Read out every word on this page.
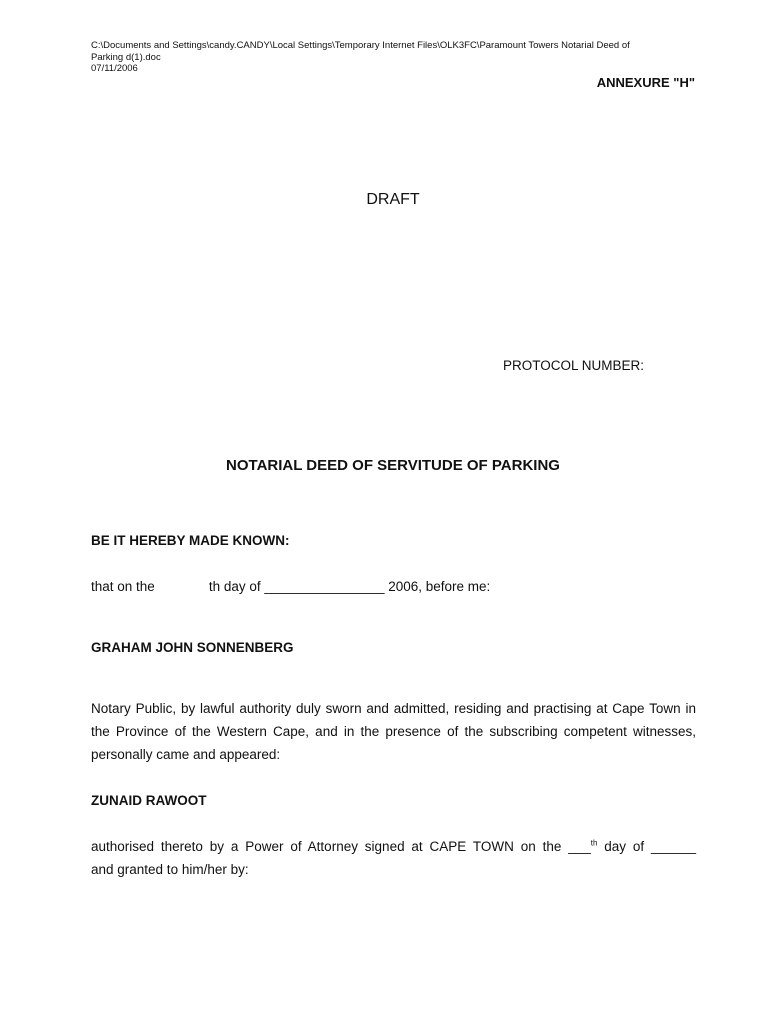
C:\Documents and Settings\candy.CANDY\Local Settings\Temporary Internet Files\OLK3FC\Paramount Towers Notarial Deed of
Parking d(1).doc
07/11/2006
ANNEXURE "H"
DRAFT
PROTOCOL NUMBER:
NOTARIAL DEED OF SERVITUDE OF PARKING
BE IT HEREBY MADE KNOWN:
that on the	th day of ________________ 2006, before me:
GRAHAM JOHN SONNENBERG
Notary Public, by lawful authority duly sworn and admitted, residing and practising at Cape Town in the Province of the Western Cape, and in the presence of the subscribing competent witnesses, personally came and appeared:
ZUNAID RAWOOT
authorised thereto by a Power of Attorney signed at CAPE TOWN on the ___$^{th}$ day of ______
and granted to him/her by:
